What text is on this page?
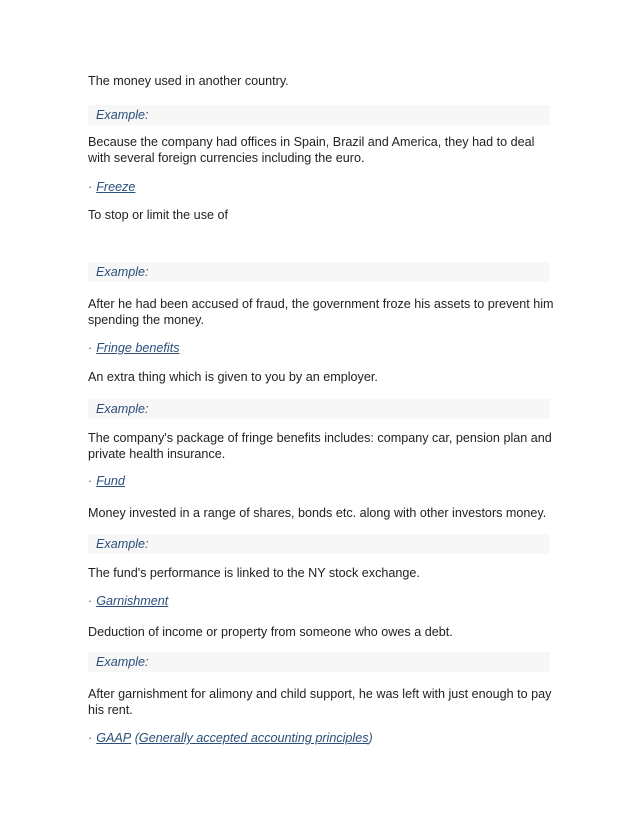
The money used in another country.
Example:
Because the company had offices in Spain, Brazil and America, they had to deal with several foreign currencies including the euro.
· Freeze
To stop or limit the use of
Example:
After he had been accused of fraud, the government froze his assets to prevent him spending the money.
· Fringe benefits
An extra thing which is given to you by an employer.
Example:
The company's package of fringe benefits includes: company car, pension plan and private health insurance.
· Fund
Money invested in a range of shares, bonds etc. along with other investors money.
Example:
The fund's performance is linked to the NY stock exchange.
· Garnishment
Deduction of income or property from someone who owes a debt.
Example:
After garnishment for alimony and child support, he was left with just enough to pay his rent.
· GAAP (Generally accepted accounting principles)
